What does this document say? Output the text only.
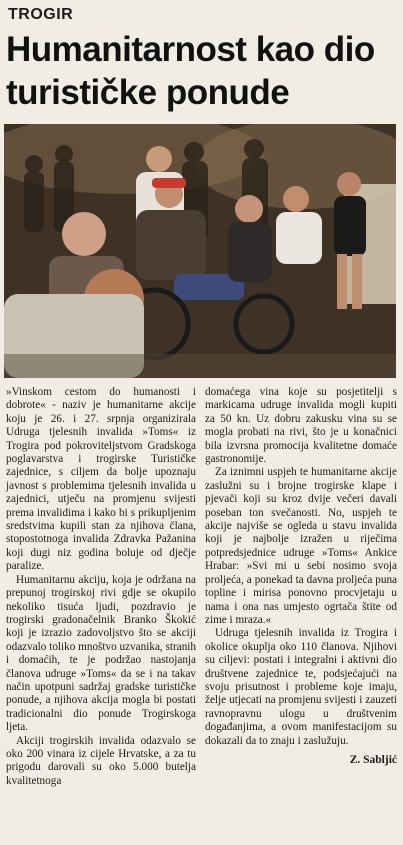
TROGIR
Humanitarnost kao dio turističke ponude

»Vinskom cestom do humanosti i dobrote« - naziv je humanitarne akcije koju je 26. i 27. srpnja organizirala Udruga tjelesnih invalida »Toms« iz Trogira pod pokroviteljstvom Gradskoga poglavarstva i trogirske Turističke zajednice, s ciljem da bolje upoznaju javnost s problemima tjelesnih invalida u zajednici, utječu na promjenu svijesti prema invalidima i kako bi s prikupljenim sredstvima kupili stan za njihova člana, stopostotnoga invalida Zdravka Pažanina koji dugi niz godina boluje od dječje paralize.

Humanitarnu akciju, koja je održana na prepunoj trogirskoj rivi gdje se okupilo nekoliko tisuća ljudi, pozdravio je trogirski gradonačelnik Branko Škokić koji je izrazio zadovoljstvo što se akciji odazvalo toliko mnoštvo uzvanika, stranih i domaćih, te je podržao nastojanja članova udruge »Toms« da se i na takav način upotpuni sadržaj gradske turističke ponude, a njihova akcija mogla bi postati tradicionalni dio ponude Trogirskoga ljeta.

Akciji trogirskih invalida odazvalo se oko 200 vinara iz cijele Hrvatske, a za tu prigodu darovali su oko 5.000 butelja kvalitetnoga

domaćega vina koje su posjetitelji s markicama udruge invalida mogli kupiti za 50 kn. Uz dobru zakusku vina su se mogla probati na rivi, što je u konačnici bila izvrsna promocija kvalitetne domaće gastronomije.

Za iznimni uspjeh te humanitarne akcije zaslužni su i brojne trogirske klape i pjevači koji su kroz dvije večeri davali poseban ton svečanosti. No, uspjeh te akcije najviše se ogleda u stavu invalida koji je najbolje izražen u riječima potpredsjednice udruge »Toms« Ankice Hrabar: »Svi mi u sebi nosimo svoja proljeća, a ponekad ta davna proljeća puna topline i mirisa ponovno procvjetaju u nama i ona nas umjesto ogrtača štite od zime i mraza.«

Udruga tjelesnih invalida iz Trogira i okolice okuplja oko 110 članova. Njihovi su ciljevi: postati i integralni i aktivni dio društvene zajednice te, podsjećajući na svoju prisutnost i probleme koje imaju, želje utjecati na promjenu svijesti i zauzeti ravnopravnu ulogu u društvenim događanjima, a ovom manifestacijom su dokazali da to znaju i zaslužuju.

Z. Sabljić
